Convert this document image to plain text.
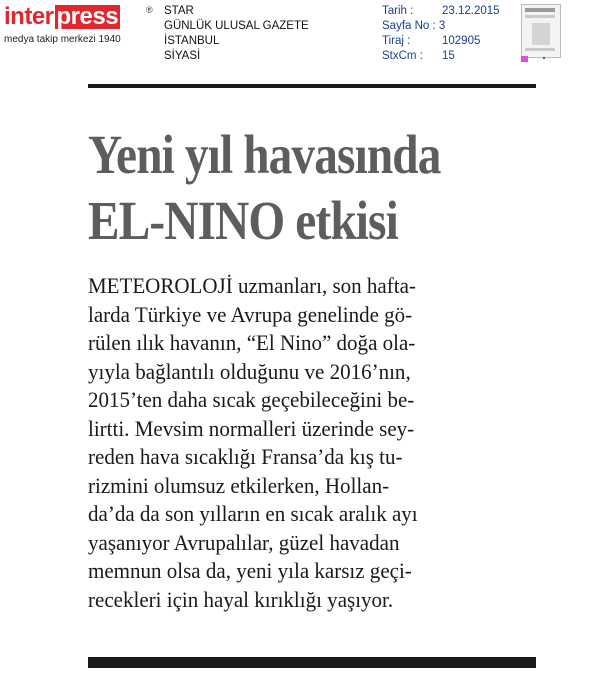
inter press	®
medya takip merkezi 1940
STAR
GÜNLÜK ULUSAL GAZETE
İSTANBUL
SİYASİ
Tarih :
Sayfa No : 3
Tiraj :
StxCm :
23.12.2015

102905
15
Yeni yıl havasında
EL-NINO etkisi
METEOROLOJİ uzmanları, son hafta-
larda Türkiye ve Avrupa genelinde gö-
rülen ılık havanın, “El Nino” doğa ola-
yıyla bağlantılı olduğunu ve 2016’nın,
2015’ten daha sıcak geçebileceğini be-
lirtti. Mevsim normalleri üzerinde sey-
reden hava sıcaklığı Fransa’da kış tu-
rizmini olumsuz etkilerken, Hollan-
da’da da son yılların en sıcak aralık ayı
yaşanıyor Avrupalılar, güzel havadan
memnun olsa da, yeni yıla karsız geçi-
recekleri için hayal kırıklığı yaşıyor.
